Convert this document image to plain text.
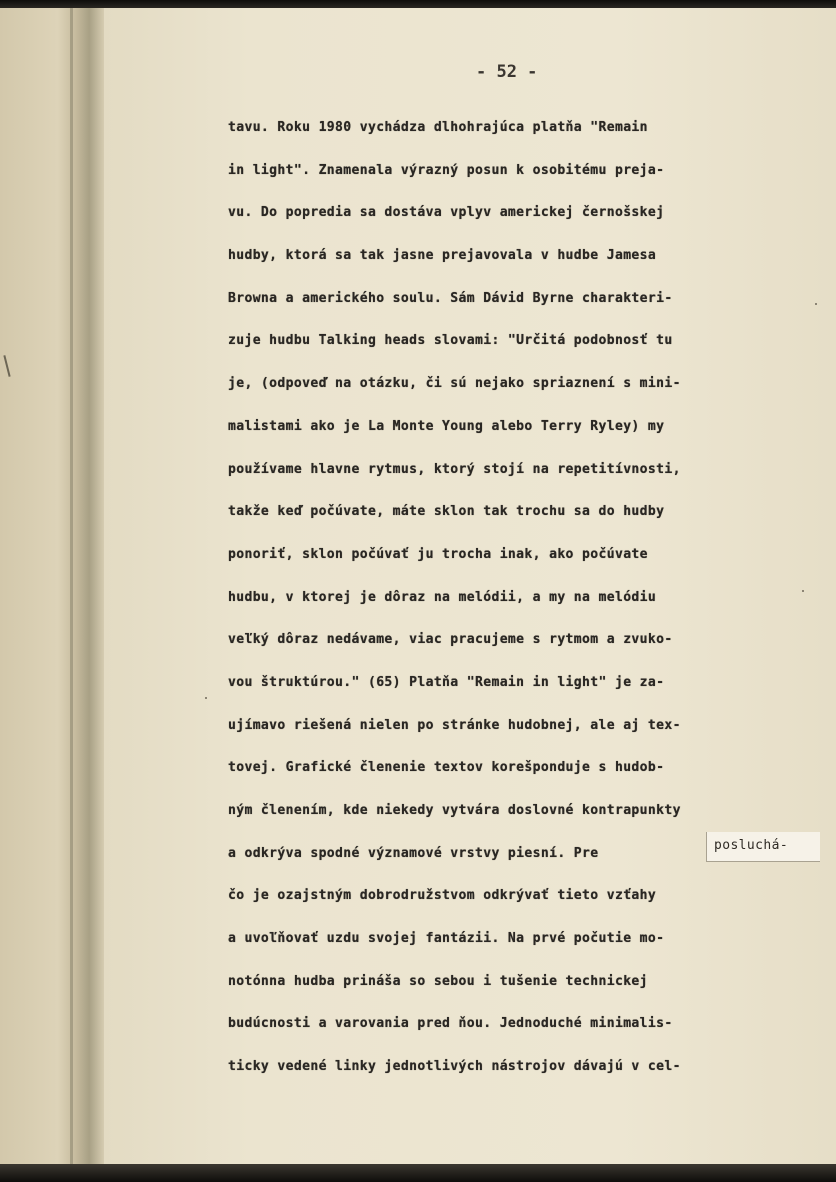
- 52 -
tavu. Roku 1980 vychádza dlhohrajúca platňa "Remain
in light". Znamenala výrazný posun k osobitému preja-
vu. Do popredia sa dostáva vplyv americkej černošskej
hudby, ktorá sa tak jasne prejavovala v hudbe Jamesa
Browna a amerického soulu. Sám Dávid Byrne charakteri-
zuje hudbu Talking heads slovami: "Určitá podobnosť tu
je, (odpoveď na otázku, či sú nejako spriaznení s mini-
malistami ako je La Monte Young alebo Terry Ryley) my
používame hlavne rytmus, ktorý stojí na repetitívnosti,
takže keď počúvate, máte sklon tak trochu sa do hudby
ponoriť, sklon počúvať ju trocha inak, ako počúvate
hudbu, v ktorej je dôraz na melódii, a my na melódiu
veľký dôraz nedávame, viac pracujeme s rytmom a zvuko-
vou štruktúrou." (65) Platňa "Remain in light" je za-
ujímavo riešená nielen po stránke hudobnej, ale aj tex-
tovej. Grafické členenie textov korešponduje s hudob-
ným členením, kde niekedy vytvára doslovné kontrapunkty
a odkrýva spodné významové vrstvy piesní. Pre
čo je ozajstným dobrodružstvom odkrývať tieto vzťahy
a uvoľňovať uzdu svojej fantázii. Na prvé počutie mo-
notónna hudba prináša so sebou i tušenie technickej
budúcnosti a varovania pred ňou. Jednoduché minimalis-
ticky vedené linky jednotlivých nástrojov dávajú v cel-
posluchá-
